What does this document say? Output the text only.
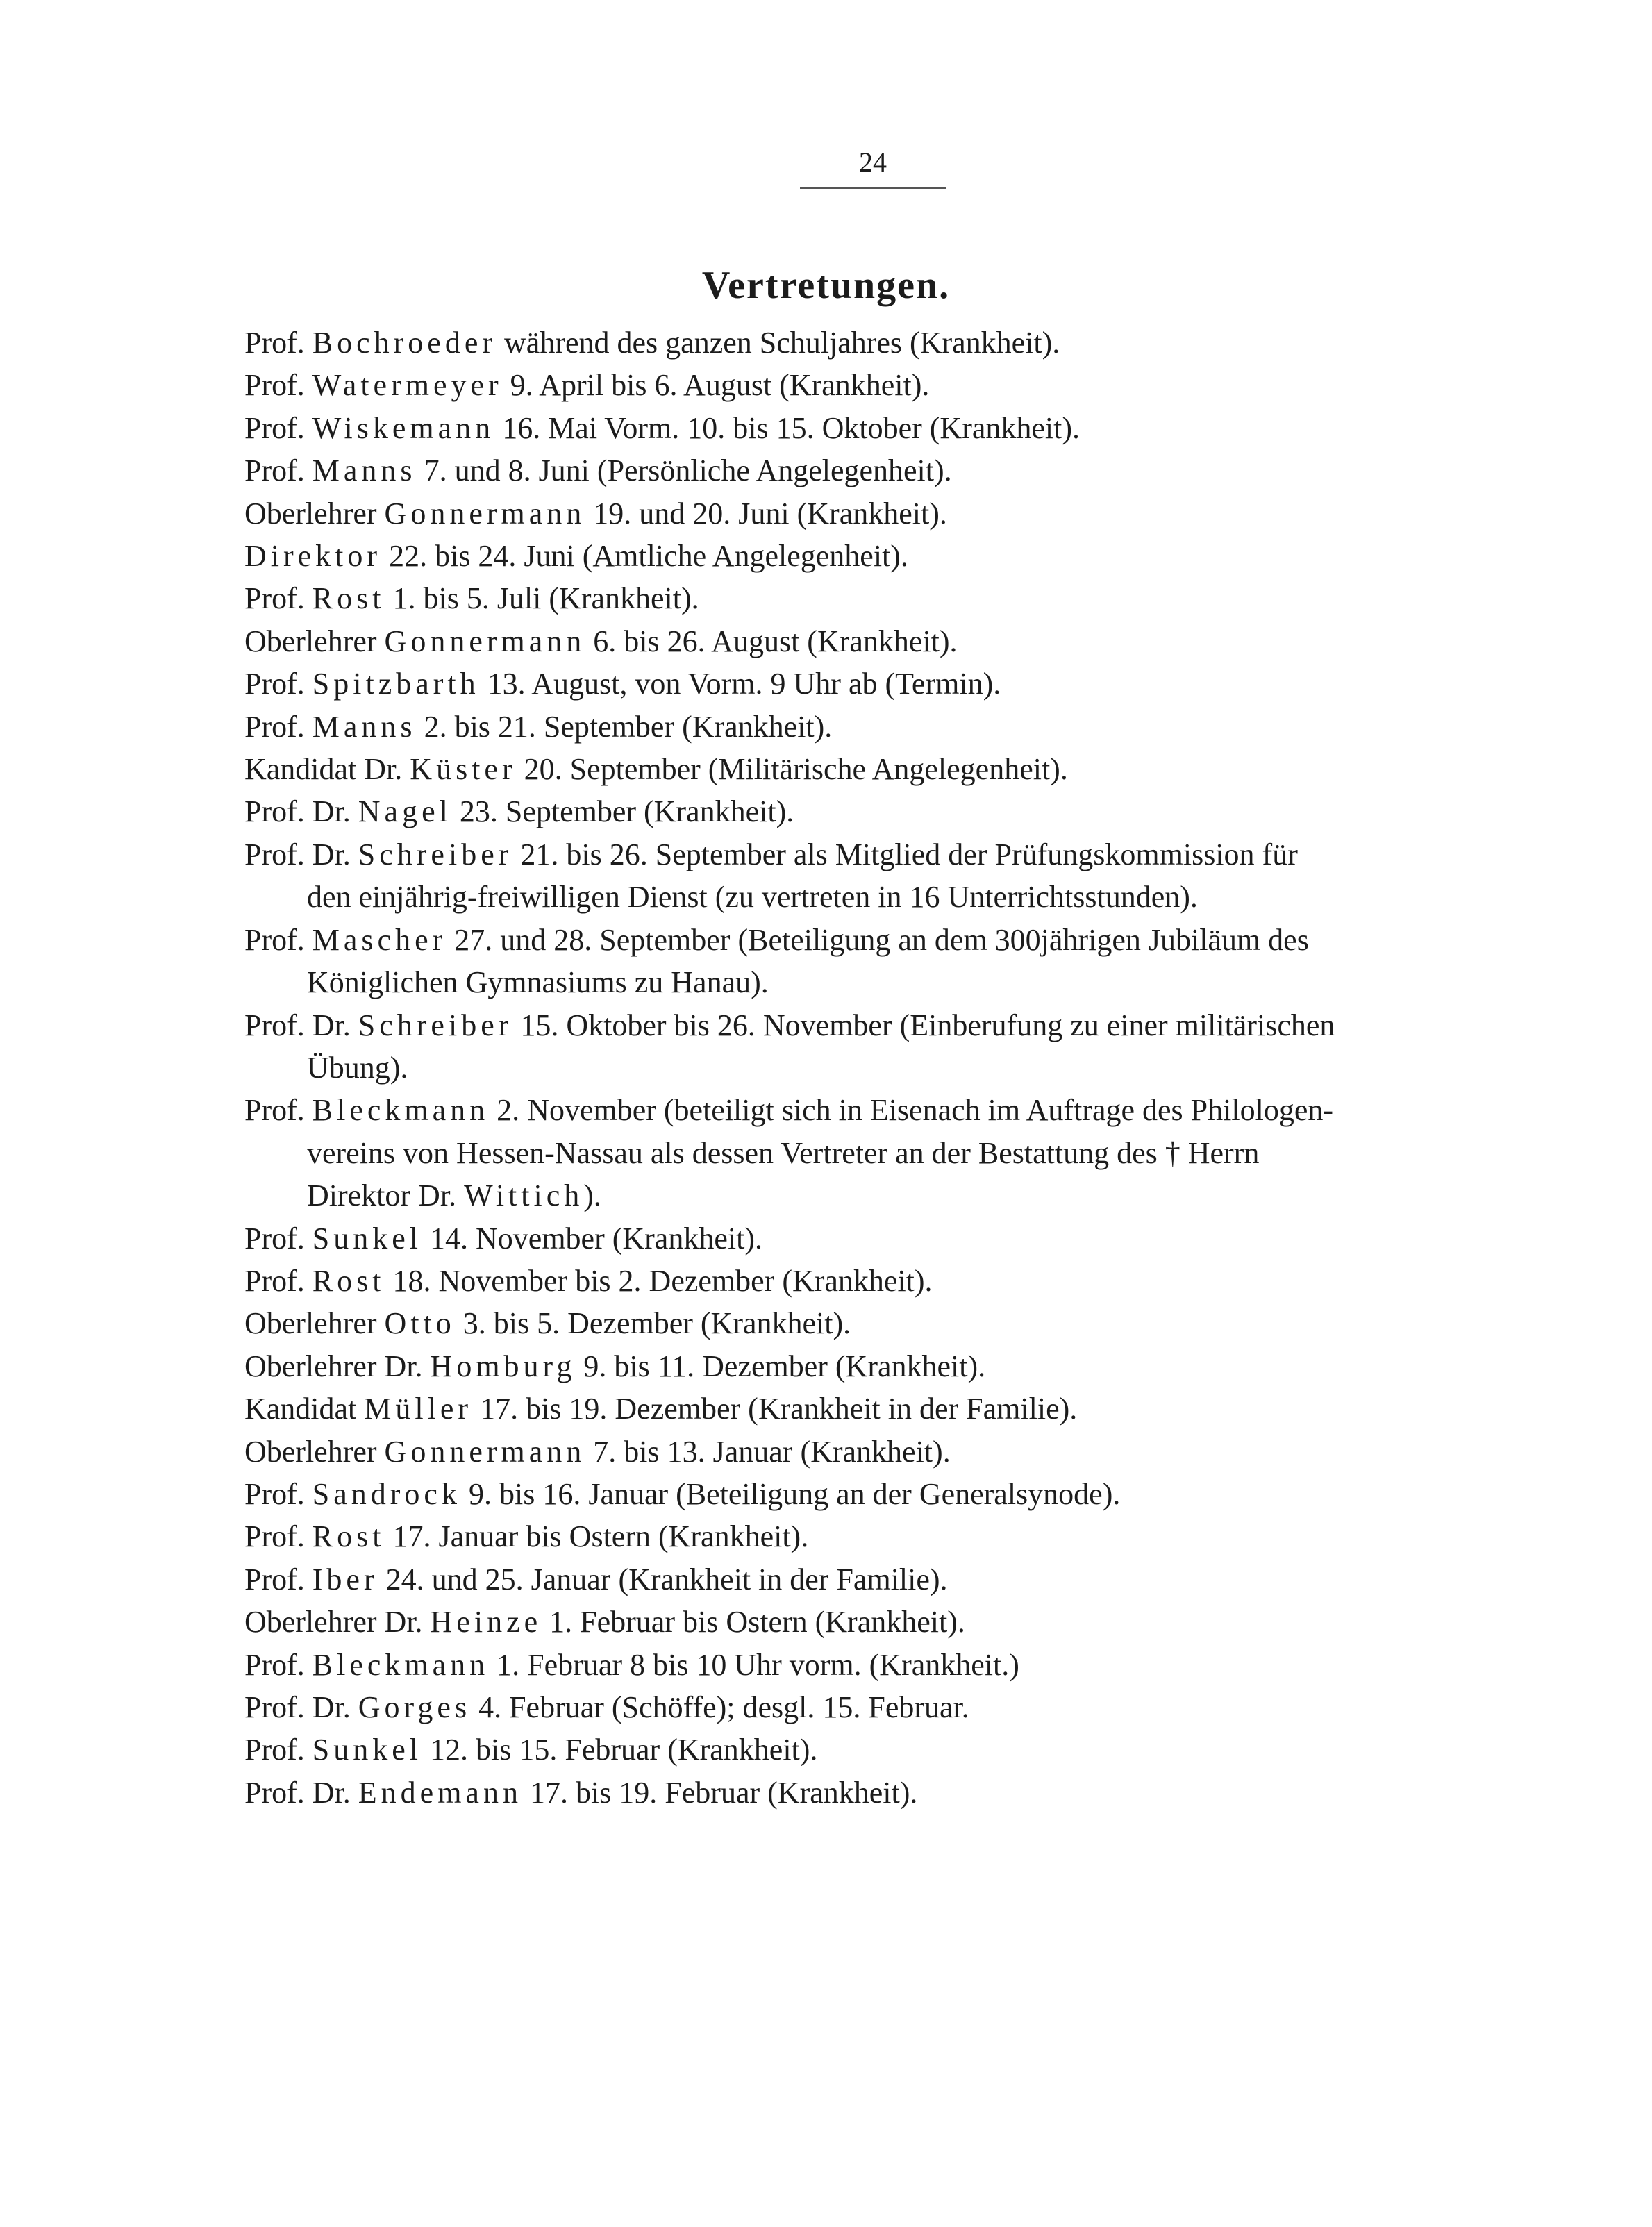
24
Vertretungen.
Prof. Bochroeder während des ganzen Schuljahres (Krankheit).
Prof. Watermeyer 9. April bis 6. August (Krankheit).
Prof. Wiskemann 16. Mai Vorm. 10. bis 15. Oktober (Krankheit).
Prof. Manns 7. und 8. Juni (Persönliche Angelegenheit).
Oberlehrer Gonnermann 19. und 20. Juni (Krankheit).
Direktor 22. bis 24. Juni (Amtliche Angelegenheit).
Prof. Rost 1. bis 5. Juli (Krankheit).
Oberlehrer Gonnermann 6. bis 26. August (Krankheit).
Prof. Spitzbarth 13. August, von Vorm. 9 Uhr ab (Termin).
Prof. Manns 2. bis 21. September (Krankheit).
Kandidat Dr. Küster 20. September (Militärische Angelegenheit).
Prof. Dr. Nagel 23. September (Krankheit).
Prof. Dr. Schreiber 21. bis 26. September als Mitglied der Prüfungskommission für
den einjährig-freiwilligen Dienst (zu vertreten in 16 Unterrichtsstunden).
Prof. Mascher 27. und 28. September (Beteiligung an dem 300jährigen Jubiläum des
Königlichen Gymnasiums zu Hanau).
Prof. Dr. Schreiber 15. Oktober bis 26. November (Einberufung zu einer militärischen
Übung).
Prof. Bleckmann 2. November (beteiligt sich in Eisenach im Auftrage des Philologen-
vereins von Hessen-Nassau als dessen Vertreter an der Bestattung des † Herrn
Direktor Dr. Wittich).
Prof. Sunkel 14. November (Krankheit).
Prof. Rost 18. November bis 2. Dezember (Krankheit).
Oberlehrer Otto 3. bis 5. Dezember (Krankheit).
Oberlehrer Dr. Homburg 9. bis 11. Dezember (Krankheit).
Kandidat Müller 17. bis 19. Dezember (Krankheit in der Familie).
Oberlehrer Gonnermann 7. bis 13. Januar (Krankheit).
Prof. Sandrock 9. bis 16. Januar (Beteiligung an der Generalsynode).
Prof. Rost 17. Januar bis Ostern (Krankheit).
Prof. Iber 24. und 25. Januar (Krankheit in der Familie).
Oberlehrer Dr. Heinze 1. Februar bis Ostern (Krankheit).
Prof. Bleckmann 1. Februar 8 bis 10 Uhr vorm. (Krankheit.)
Prof. Dr. Gorges 4. Februar (Schöffe); desgl. 15. Februar.
Prof. Sunkel 12. bis 15. Februar (Krankheit).
Prof. Dr. Endemann 17. bis 19. Februar (Krankheit).
